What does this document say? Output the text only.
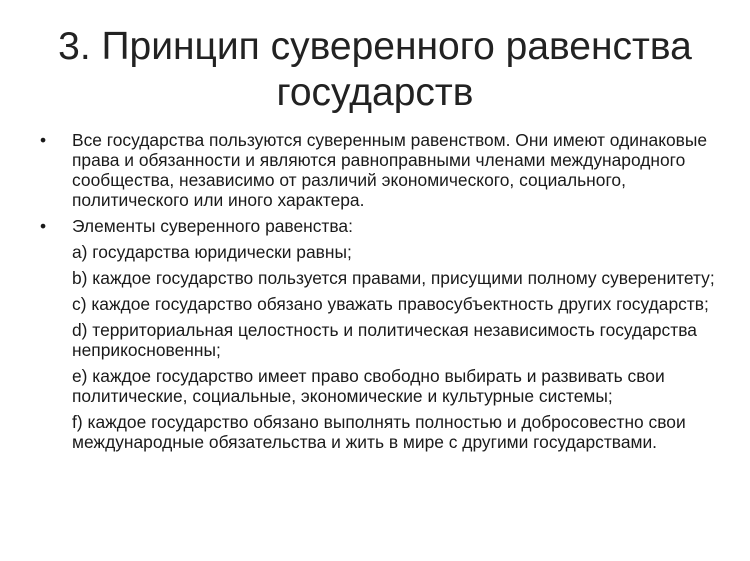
3. Принцип суверенного равенства
государств
• Все государства пользуются суверенным равенством. Они имеют одинаковые права и обязанности и являются равноправными членами международного сообщества, независимо от различий экономического, социального, политического или иного характера.
• Элементы суверенного равенства:
а) государства юридически равны;
b) каждое государство пользуется правами, присущими полному суверенитету;
c) каждое государство обязано уважать правосубъектность других государств;
d) территориальная целостность и политическая независимость государства неприкосновенны;
e) каждое государство имеет право свободно выбирать и развивать свои политические, социальные, экономические и культурные системы;
f) каждое государство обязано выполнять полностью и добросовестно свои международные обязательства и жить в мире с другими государствами.
